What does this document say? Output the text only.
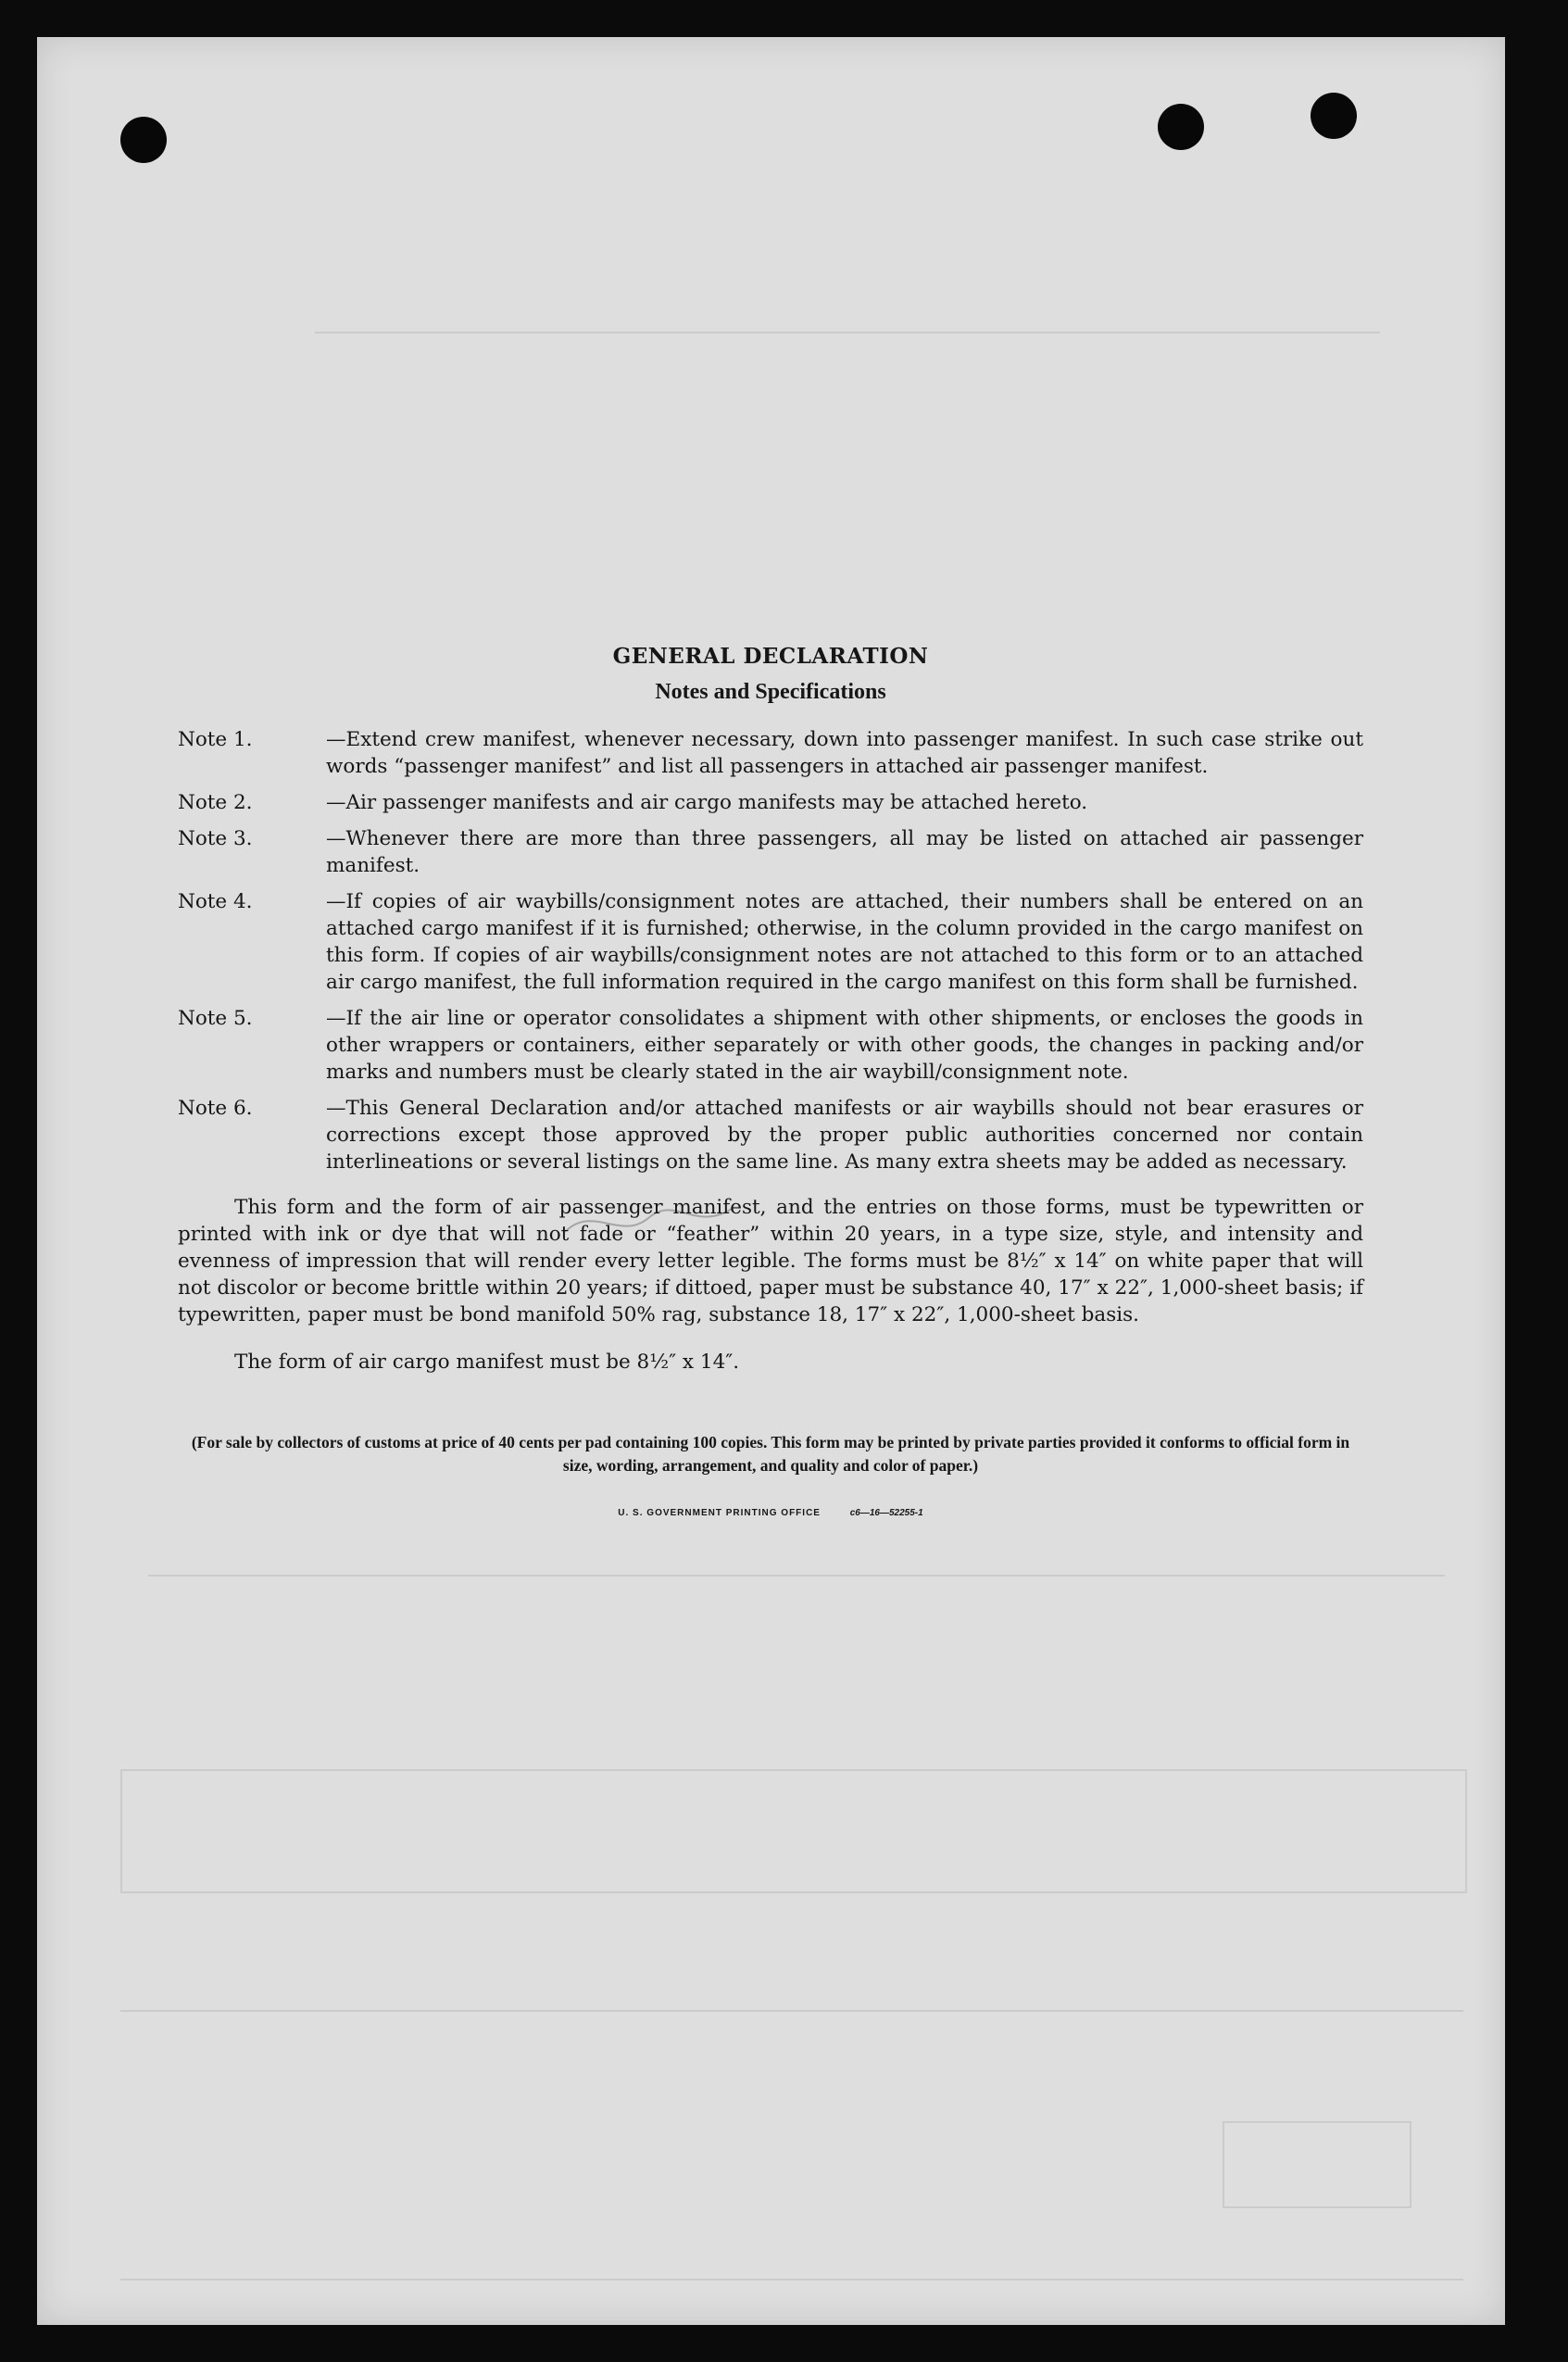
GENERAL DECLARATION
Notes and Specifications
Note 1.	—Extend crew manifest, whenever necessary, down into passenger manifest. In such case strike out words “passenger manifest” and list all passengers in attached air passenger manifest.
Note 2.	—Air passenger manifests and air cargo manifests may be attached hereto.
Note 3.	—Whenever there are more than three passengers, all may be listed on attached air passenger manifest.
Note 4.	—If copies of air waybills/consignment notes are attached, their numbers shall be entered on an attached cargo manifest if it is furnished; otherwise, in the column provided in the cargo manifest on this form. If copies of air waybills/consignment notes are not attached to this form or to an attached air cargo manifest, the full information required in the cargo manifest on this form shall be furnished.
Note 5.	—If the air line or operator consolidates a shipment with other shipments, or encloses the goods in other wrappers or containers, either separately or with other goods, the changes in packing and/or marks and numbers must be clearly stated in the air waybill/consignment note.
Note 6.	—This General Declaration and/or attached manifests or air waybills should not bear erasures or corrections except those approved by the proper public authorities concerned nor contain interlineations or several listings on the same line. As many extra sheets may be added as necessary.

This form and the form of air passenger manifest, and the entries on those forms, must be typewritten or printed with ink or dye that will not fade or “feather” within 20 years, in a type size, style, and intensity and evenness of impression that will render every letter legible. The forms must be 8½″ x 14″ on white paper that will not discolor or become brittle within 20 years; if dittoed, paper must be substance 40, 17″ x 22″, 1,000-sheet basis; if typewritten, paper must be bond manifold 50% rag, substance 18, 17″ x 22″, 1,000-sheet basis.

The form of air cargo manifest must be 8½″ x 14″.

(For sale by collectors of customs at price of 40 cents per pad containing 100 copies. This form may be printed by private parties provided it conforms to official form in size, wording, arrangement, and quality and color of paper.)
U. S. GOVERNMENT PRINTING OFFICE	c6—16—52255-1
